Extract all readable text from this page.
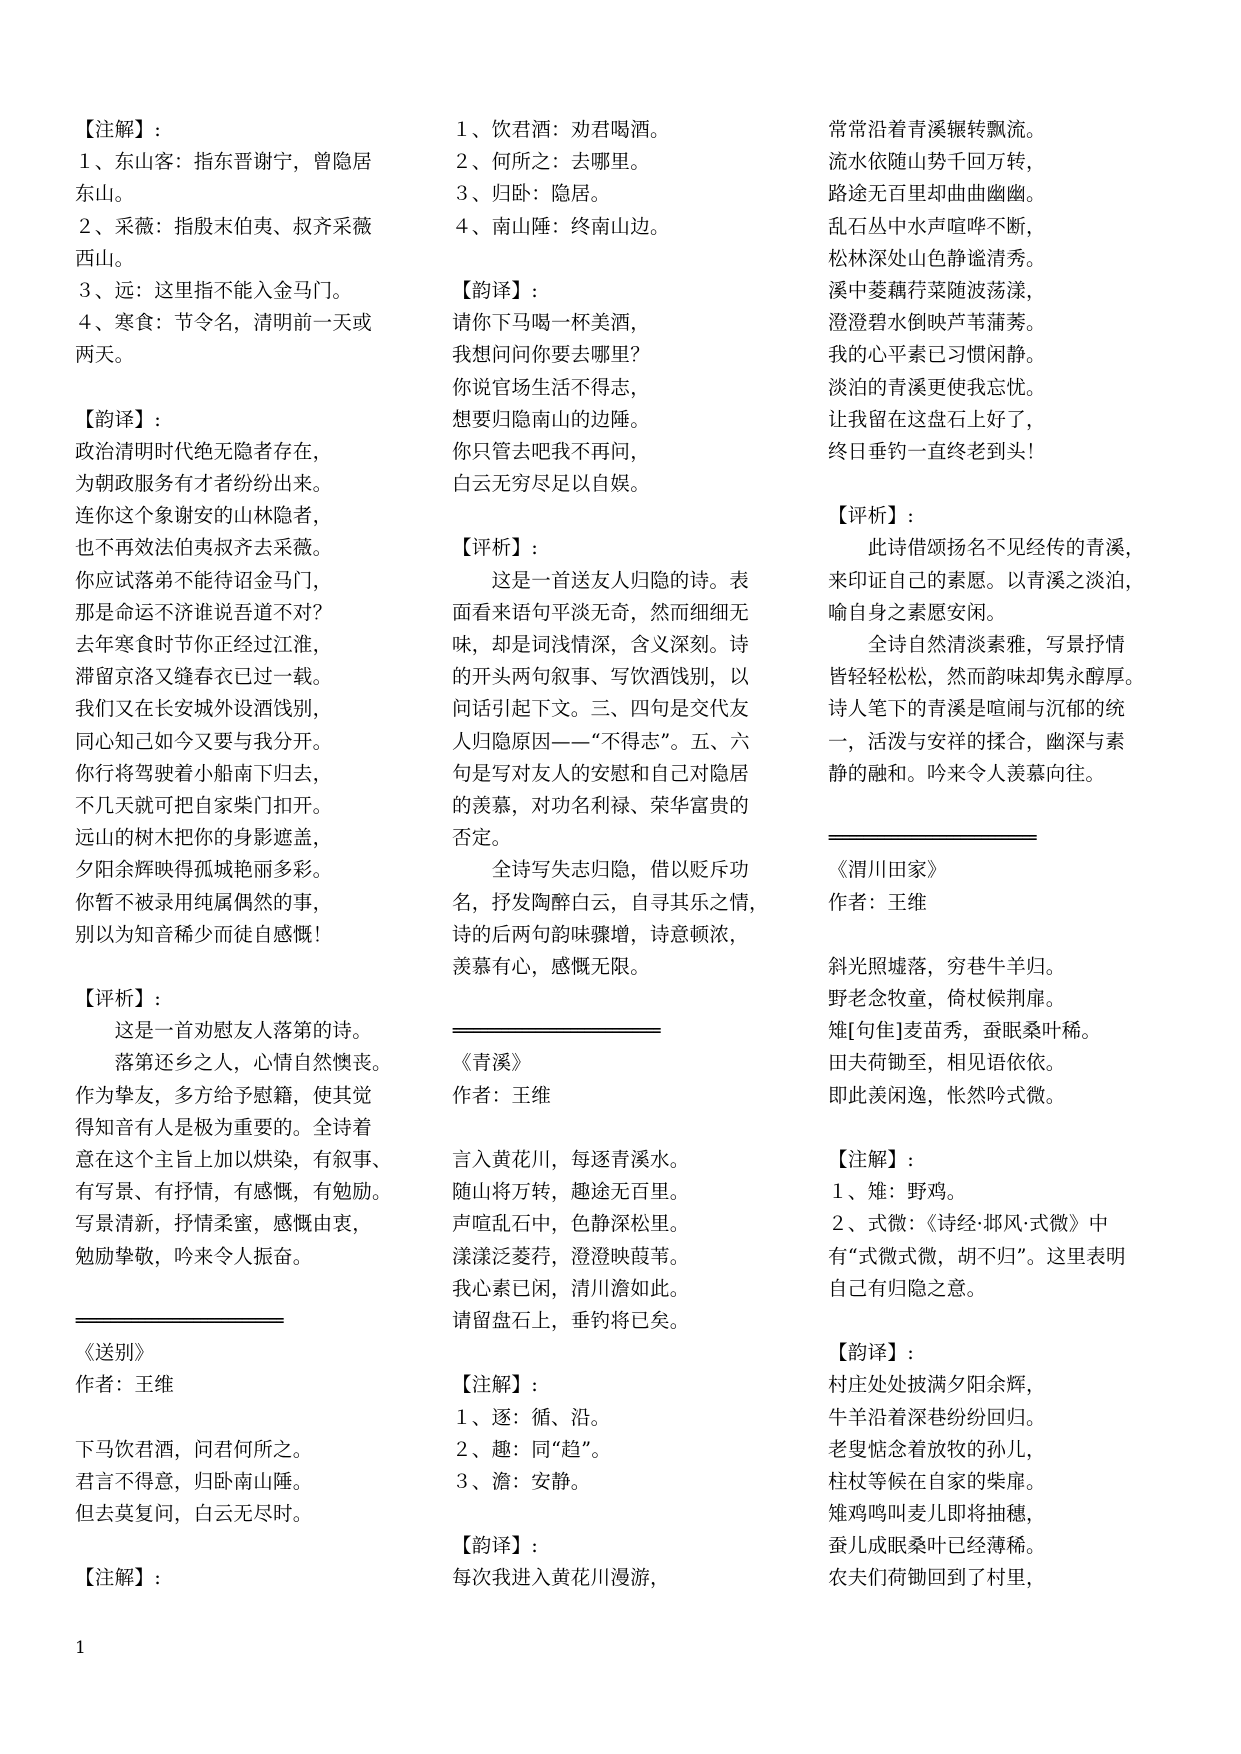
【注解】:
１、东山客：指东晋谢宁，曾隐居
东山。
２、采薇：指殷末伯夷、叔齐采薇
西山。
３、远：这里指不能入金马门。
４、寒食：节令名，清明前一天或
两天。
【韵译】:
政治清明时代绝无隐者存在，
为朝政服务有才者纷纷出来。
连你这个象谢安的山林隐者，
也不再效法伯夷叔齐去采薇。
你应试落弟不能待诏金马门，
那是命运不济谁说吾道不对？
去年寒食时节你正经过江淮，
滞留京洛又缝春衣已过一载。
我们又在长安城外设酒饯别，
同心知己如今又要与我分开。
你行将驾驶着小船南下归去，
不几天就可把自家柴门扣开。
远山的树木把你的身影遮盖，
夕阳余辉映得孤城艳丽多彩。
你暂不被录用纯属偶然的事，
别以为知音稀少而徒自感慨！
【评析】:
　　这是一首劝慰友人落第的诗。
　　落第还乡之人，心情自然懊丧。
作为挚友，多方给予慰籍，使其觉
得知音有人是极为重要的。全诗着
意在这个主旨上加以烘染，有叙事、
有写景、有抒情，有感慨，有勉励。
写景清新，抒情柔蜜，感慨由衷，
勉励挚敬，吟来令人振奋。
==============================
《送别》
作者：王维
下马饮君酒，问君何所之。
君言不得意，归卧南山陲。
但去莫复问，白云无尽时。
【注解】:
１、饮君酒：劝君喝酒。
２、何所之：去哪里。
３、归卧：隐居。
４、南山陲：终南山边。
【韵译】:
请你下马喝一杯美酒，
我想问问你要去哪里？
你说官场生活不得志，
想要归隐南山的边陲。
你只管去吧我不再问，
白云无穷尽足以自娱。
【评析】:
　　这是一首送友人归隐的诗。表
面看来语句平淡无奇，然而细细无
味，却是词浅情深，含义深刻。诗
的开头两句叙事、写饮酒饯别，以
问话引起下文。三、四句是交代友
人归隐原因——“不得志”。五、六
句是写对友人的安慰和自己对隐居
的羡慕，对功名利禄、荣华富贵的
否定。
　　全诗写失志归隐，借以贬斥功
名，抒发陶醉白云，自寻其乐之情，
诗的后两句韵味骤增，诗意顿浓，
羡慕有心，感慨无限。
==============================
《青溪》
作者：王维
言入黄花川，每逐青溪水。
随山将万转，趣途无百里。
声喧乱石中，色静深松里。
漾漾泛菱荇，澄澄映葭苇。
我心素已闲，清川澹如此。
请留盘石上，垂钓将已矣。
【注解】:
１、逐：循、沿。
２、趣：同“趋”。
３、澹：安静。
【韵译】:
每次我进入黄花川漫游，
常常沿着青溪辗转飘流。
流水依随山势千回万转，
路途无百里却曲曲幽幽。
乱石丛中水声喧哗不断，
松林深处山色静谧清秀。
溪中菱藕荇菜随波荡漾，
澄澄碧水倒映芦苇蒲莠。
我的心平素已习惯闲静。
淡泊的青溪更使我忘忧。
让我留在这盘石上好了，
终日垂钓一直终老到头！
【评析】:
　　此诗借颂扬名不见经传的青溪，
来印证自己的素愿。以青溪之淡泊，
喻自身之素愿安闲。
　　全诗自然清淡素雅，写景抒情
皆轻轻松松，然而韵味却隽永醇厚。
诗人笔下的青溪是喧闹与沉郁的统
一，活泼与安祥的揉合，幽深与素
静的融和。吟来令人羡慕向往。
==============================
《渭川田家》
作者：王维
斜光照墟落，穷巷牛羊归。
野老念牧童，倚杖候荆扉。
雉[句隹]麦苗秀，蚕眠桑叶稀。
田夫荷锄至，相见语依依。
即此羡闲逸，怅然吟式微。
【注解】:
１、雉：野鸡。
２、式微：《诗经·邶风·式微》中
有“式微式微，胡不归”。这里表明
自己有归隐之意。
【韵译】:
村庄处处披满夕阳余辉，
牛羊沿着深巷纷纷回归。
老叟惦念着放牧的孙儿，
柱杖等候在自家的柴扉。
雉鸡鸣叫麦儿即将抽穗，
蚕儿成眠桑叶已经薄稀。
农夫们荷锄回到了村里，
1
